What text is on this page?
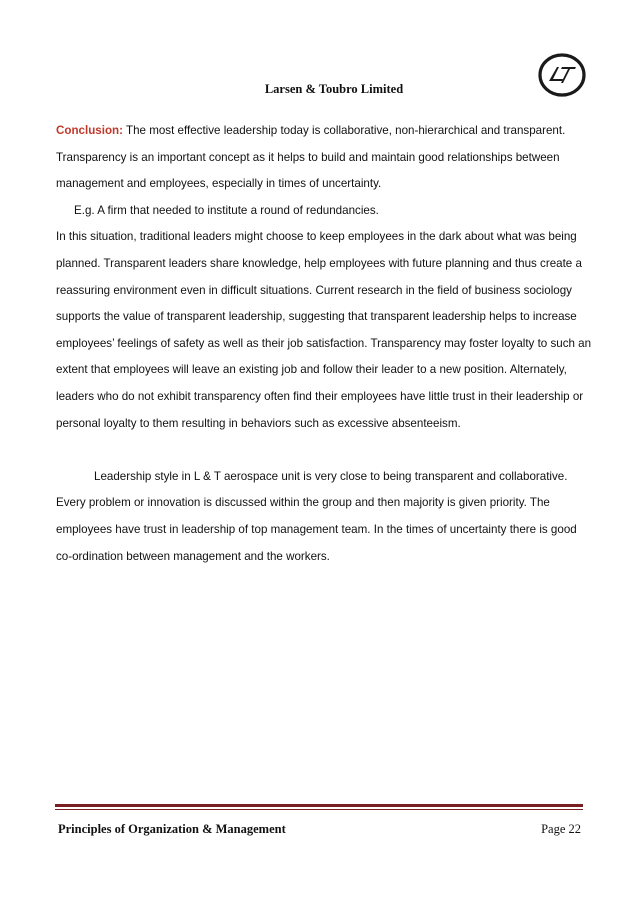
Larsen & Toubro Limited

Conclusion: The most effective leadership today is collaborative, non-hierarchical and transparent.

Transparency is an important concept as it helps to build and maintain good relationships between management and employees, especially in times of uncertainty.

E.g. A firm that needed to institute a round of redundancies.

In this situation, traditional leaders might choose to keep employees in the dark about what was being planned. Transparent leaders share knowledge, help employees with future planning and thus create a reassuring environment even in difficult situations. Current research in the field of business sociology supports the value of transparent leadership, suggesting that transparent leadership helps to increase employees’ feelings of safety as well as their job satisfaction. Transparency may foster loyalty to such an extent that employees will leave an existing job and follow their leader to a new position. Alternately, leaders who do not exhibit transparency often find their employees have little trust in their leadership or personal loyalty to them resulting in behaviors such as excessive absenteeism.

Leadership style in L & T aerospace unit is very close to being transparent and collaborative. Every problem or innovation is discussed within the group and then majority is given priority. The employees have trust in leadership of top management team. In the times of uncertainty there is good co-ordination between management and the workers.

Principles of Organization & Management	Page 22
